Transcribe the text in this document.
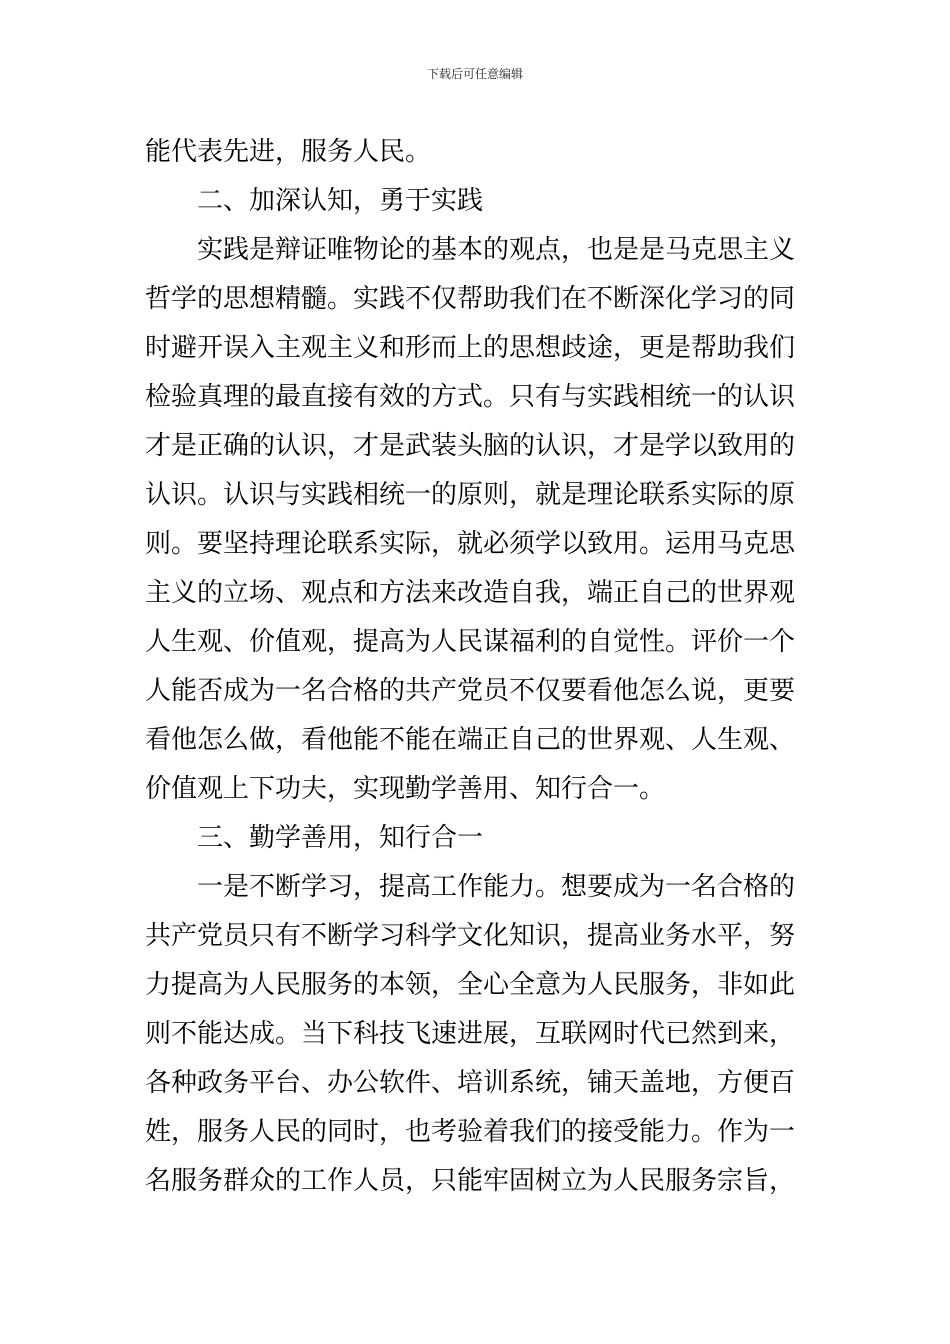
下载后可任意编辑
能代表先进，服务人民。
二、加深认知，勇于实践
实践是辩证唯物论的基本的观点，也是是马克思主义
哲学的思想精髓。实践不仅帮助我们在不断深化学习的同
时避开误入主观主义和形而上的思想歧途，更是帮助我们
检验真理的最直接有效的方式。只有与实践相统一的认识
才是正确的认识，才是武装头脑的认识，才是学以致用的
认识。认识与实践相统一的原则，就是理论联系实际的原
则。要坚持理论联系实际，就必须学以致用。运用马克思
主义的立场、观点和方法来改造自我，端正自己的世界观
人生观、价值观，提高为人民谋福利的自觉性。评价一个
人能否成为一名合格的共产党员不仅要看他怎么说，更要
看他怎么做，看他能不能在端正自己的世界观、人生观、
价值观上下功夫，实现勤学善用、知行合一。
三、勤学善用，知行合一
一是不断学习，提高工作能力。想要成为一名合格的
共产党员只有不断学习科学文化知识，提高业务水平，努
力提高为人民服务的本领，全心全意为人民服务，非如此
则不能达成。当下科技飞速进展，互联网时代已然到来，
各种政务平台、办公软件、培训系统，铺天盖地，方便百
姓，服务人民的同时，也考验着我们的接受能力。作为一
名服务群众的工作人员，只能牢固树立为人民服务宗旨，
